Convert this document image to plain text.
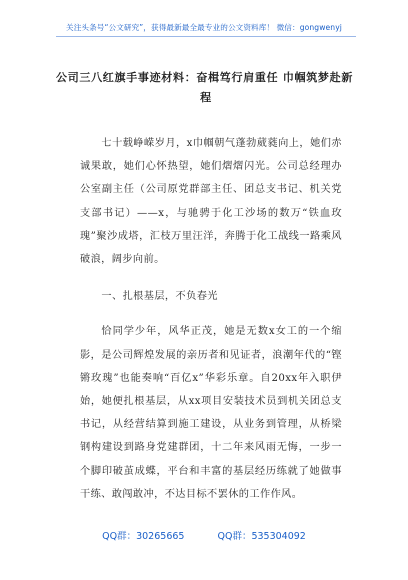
关注头条号“公文研究”，获得最新最全最专业的公文资料库！ 微信：gongwenyj
公司三八红旗手事迹材料：奋楫笃行肩重任 巾帼筑梦赴新
程

七十载峥嵘岁月，x巾帼朝气蓬勃葳蕤向上，她们赤诚果敢，她们心怀热望，她们熠熠闪光。公司总经理办公室副主任（公司原党群部主任、团总支书记、机关党支部书记）——x，与驰骋于化工沙场的数万“铁血玫瑰”聚沙成塔，汇枝万里汪洋，奔腾于化工战线一路乘风破浪，阔步向前。

一、扎根基层，不负春光

恰同学少年，风华正茂，她是无数x女工的一个缩影，是公司辉煌发展的亲历者和见证者，浪潮年代的“铿锵玫瑰”也能奏响“百亿x”华彩乐章。自20xx年入职伊始，她便扎根基层，从xx项目安装技术员到机关团总支书记，从经营结算到施工建设，从业务到管理，从桥梁钢构建设到路身党建群团，十二年来风雨无悔，一步一个脚印破茧成蝶，平台和丰富的基层经历练就了她做事干练、敢闯敢冲，不达目标不罢休的工作作风。

QQ群：30265665	QQ群：535304092
